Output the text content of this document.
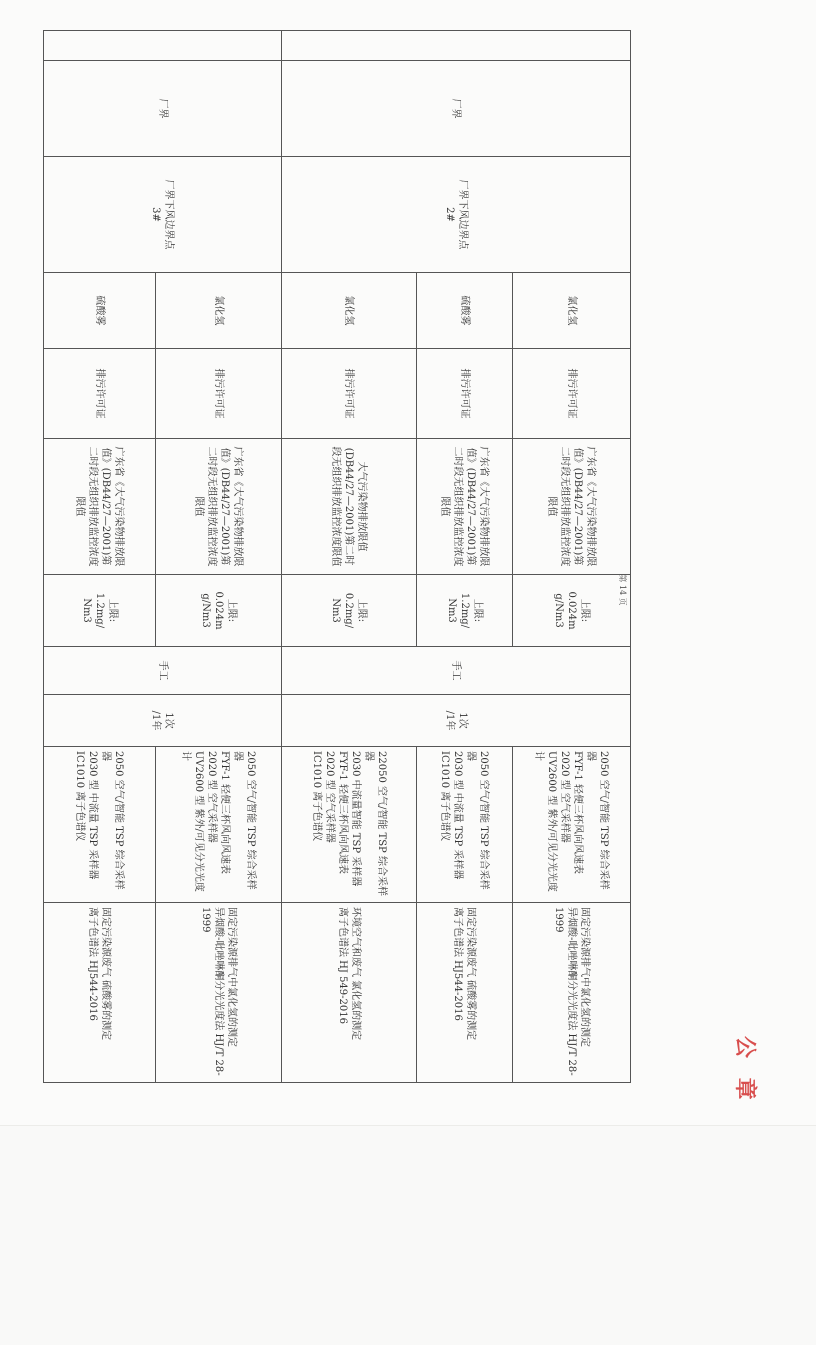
	厂界	厂界下风边界点
2#	氯化氢	排污许可证	广东省《大气污染物排放限值》(DB44/27—2001)第二时段无组织排放监控浓度限值	上限:
0.024m
g/Nm3	手工	1次
/1年	2050 空气/智能 TSP 综合采样器
FYF-1 轻便三杯风向风速表
2020 型 空气采样器
UV2600 型 紫外/可见分光光度计	固定污染源排气中氯化氢的测定
异烟酸-吡唑啉酮分光光度法 HJ/T 28-1999
			硫酸雾	排污许可证	广东省《大气污染物排放限值》(DB44/27—2001)第二时段无组织排放监控浓度限值	上限:
1.2mg/
Nm3			2050 空气/智能 TSP 综合采样器
2030 型 中流量 TSP 采样器
IC1010 离子色谱仪	固定污染源废气 硫酸雾的测定
离子色谱法 HJ544-2016
			氯化氢	排污许可证	大气污染物排放限值(DB44/27—2001)第二时段无组织排放监控浓度限值	上限:
0.2mg/
Nm3			22050 空气/智能 TSP 综合采样器
2030 中流量智能 TSP 采样器
FYF-1 轻便三杯风向风速表
2020 型 空气采样器
IC1010 离子色谱仪	环境空气和废气 氯化氢的测定
离子色谱法 HJ 549-2016
	厂界	厂界下风边界点
3#	氯化氢	排污许可证	广东省《大气污染物排放限值》(DB44/27—2001)第二时段无组织排放监控浓度限值	上限:
0.024m
g/Nm3	手工	1次
/1年	2050 空气/智能 TSP 综合采样器
FYF-1 轻便三杯风向风速表
2020 型 空气采样器
UV2600 型 紫外/可见分光光度计	固定污染源排气中氯化氢的测定
异烟酸-吡唑啉酮分光光度法 HJ/T 28-1999
			硫酸雾	排污许可证	广东省《大气污染物排放限值》(DB44/27—2001)第二时段无组织排放监控浓度限值	上限:
1.2mg/
Nm3			2050 空气/智能 TSP 综合采样器
2030 型 中流量 TSP 采样器
IC1010 离子色谱仪	固定污染源废气 硫酸雾的测定
离子色谱法 HJ544-2016
第 14 页
公 章
